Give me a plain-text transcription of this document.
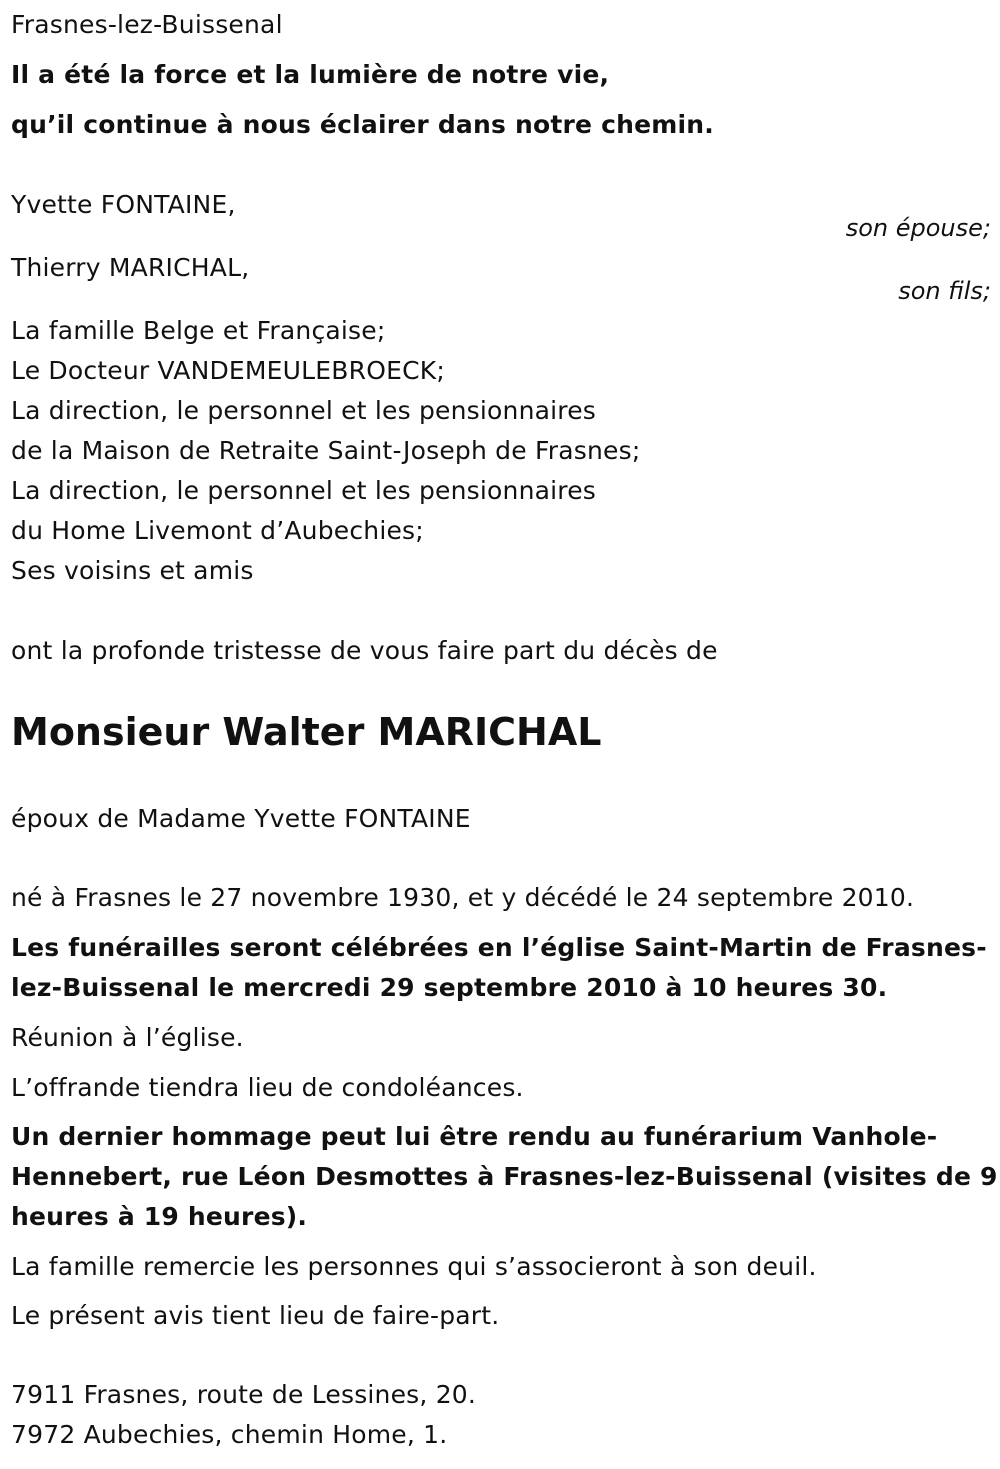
Frasnes-lez-Buissenal
Il a été la force et la lumière de notre vie,
qu’il continue à nous éclairer dans notre chemin.
Yvette FONTAINE,
son épouse;
Thierry MARICHAL,
son fils;
La famille Belge et Française;
Le Docteur VANDEMEULEBROECK;
La direction, le personnel et les pensionnaires
de la Maison de Retraite Saint-Joseph de Frasnes;
La direction, le personnel et les pensionnaires
du Home Livemont d’Aubechies;
Ses voisins et amis
ont la profonde tristesse de vous faire part du décès de
Monsieur Walter MARICHAL
époux de Madame Yvette FONTAINE
né à Frasnes le 27 novembre 1930, et y décédé le 24 septembre 2010.
Les funérailles seront célébrées en l’église Saint-Martin de Frasnes-
lez-Buissenal le mercredi 29 septembre 2010 à 10 heures 30.
Réunion à l’église.
L’offrande tiendra lieu de condoléances.
Un dernier hommage peut lui être rendu au funérarium Vanhole-
Hennebert, rue Léon Desmottes à Frasnes-lez-Buissenal (visites de 9
heures à 19 heures).
La famille remercie les personnes qui s’associeront à son deuil.
Le présent avis tient lieu de faire-part.
7911 Frasnes, route de Lessines, 20.
7972 Aubechies, chemin Home, 1.
